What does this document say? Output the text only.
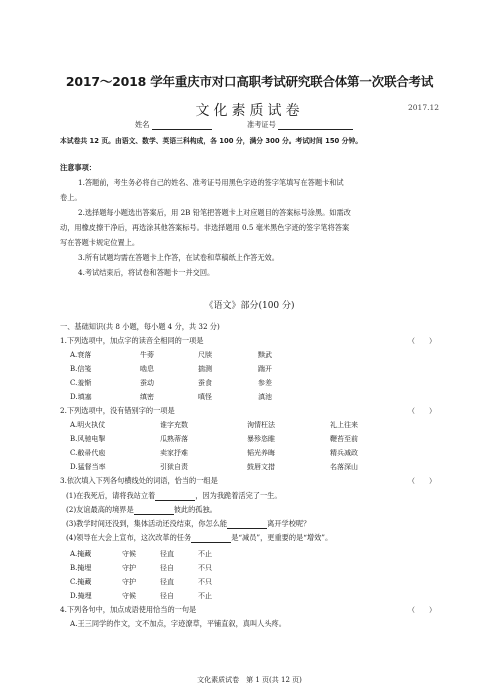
2017～2018 学年重庆市对口高职考试研究联合体第一次联合考试
文化素质试卷	2017.12
姓名	准考证号
本试卷共 12 页。由语文、数学、英语三科构成，各 100 分，满分 300 分。考试时间 150 分钟。
注意事项：
1.答题前，考生务必将自己的姓名、准考证号用黑色字迹的签字笔填写在答题卡和试
卷上。
2.选择题每小题选出答案后，用 2B 铅笔把答题卡上对应题目的答案标号涂黑。如需改
动，用橡皮擦干净后，再选涂其他答案标号。非选择题用 0.5 毫米黑色字迹的签字笔将答案
写在答题卡规定位置上。
3.所有试题均需在答题卡上作答，在试卷和草稿纸上作答无效。
4.考试结束后，将试卷和答题卡一并交回。
《语文》部分(100 分)
一、基础知识(共 8 小题，每小题 4 分，共 32 分)
1.下列选项中，加点字的读音全相同的一项是	（　　）
A.衰落	牛蒡	尺牍	黩武
B.信笺	啮息	揣测	踹开
C.羞惭	蚕动	蚕食	参差
D.填塞	缜密	嗔怪	滇池
2.下列选项中，没有错别字的一项是	（　　）
A.明火执仗	谁字充数	洵情枉法	礼上往来
B.风驰电掣	瓜熟蒂落	暴殄恣睢	鞭苔至前
C.敝帚代庖	卖家抒难	韬光养晦	精兵减政
D.猛督当率	引狱自责	鼓唇文措	名落深山
3.依次填入下列各句横线处的词语，恰当的一组是	（　　）
(1)在我死后，请将我站立着	，因为我跪着活完了一生。
(2)友谊最高的境界是	彼此的孤独。
(3)教学时间还没到，集体活动还没结束，你怎么能	离开学校呢？
(4)领导在大会上宣布，这次改革的任务	是“减员”，更重要的是“增效”。
A.掩藏	守候	径直	不止
B.掩埋	守护	径自	不只
C.掩藏	守护	径直	不只
D.掩埋	守候	径自	不止
4.下列各句中，加点成语使用恰当的一句是	（　　）
A.王三同学的作文，文不加点，字迹潦草，平铺直叙，真叫人头疼。
文化素质试卷　第 1 页(共 12 页)
